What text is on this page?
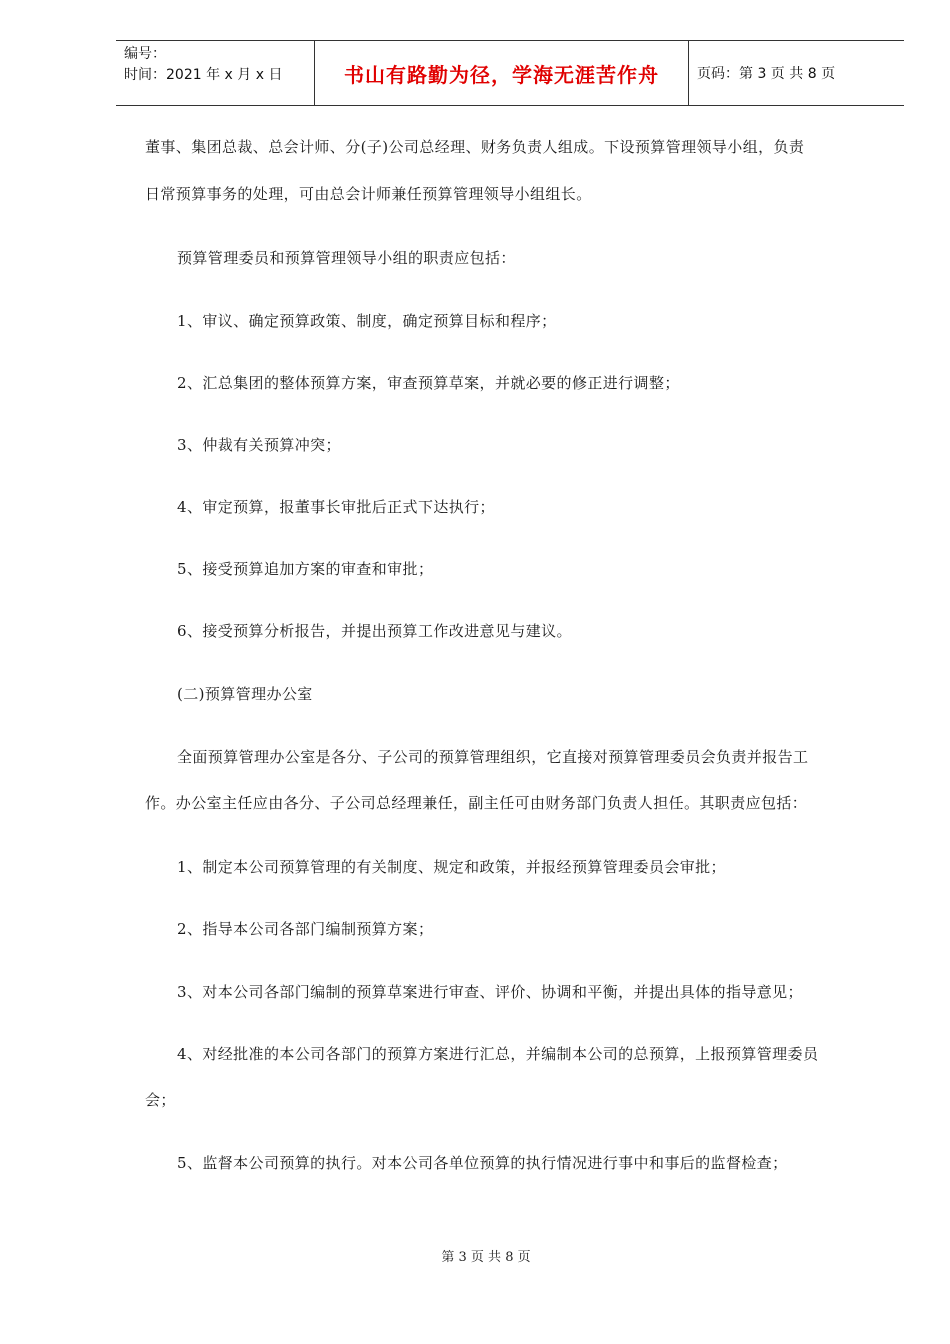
编号：
时间：2021 年 x 月 x 日	书山有路勤为径，学海无涯苦作舟	页码：第 3 页 共 8 页
董事、集团总裁、总会计师、分(子)公司总经理、财务负责人组成。下设预算管理领导小组，负责
日常预算事务的处理，可由总会计师兼任预算管理领导小组组长。
预算管理委员和预算管理领导小组的职责应包括：
1、审议、确定预算政策、制度，确定预算目标和程序；
2、汇总集团的整体预算方案，审查预算草案，并就必要的修正进行调整；
3、仲裁有关预算冲突；
4、审定预算，报董事长审批后正式下达执行；
5、接受预算追加方案的审查和审批；
6、接受预算分析报告，并提出预算工作改进意见与建议。
(二)预算管理办公室
全面预算管理办公室是各分、子公司的预算管理组织，它直接对预算管理委员会负责并报告工
作。办公室主任应由各分、子公司总经理兼任，副主任可由财务部门负责人担任。其职责应包括：
1、制定本公司预算管理的有关制度、规定和政策，并报经预算管理委员会审批；
2、指导本公司各部门编制预算方案；
3、对本公司各部门编制的预算草案进行审查、评价、协调和平衡，并提出具体的指导意见；
4、对经批准的本公司各部门的预算方案进行汇总，并编制本公司的总预算，上报预算管理委员
会；
5、监督本公司预算的执行。对本公司各单位预算的执行情况进行事中和事后的监督检查；
第 3 页 共 8 页
